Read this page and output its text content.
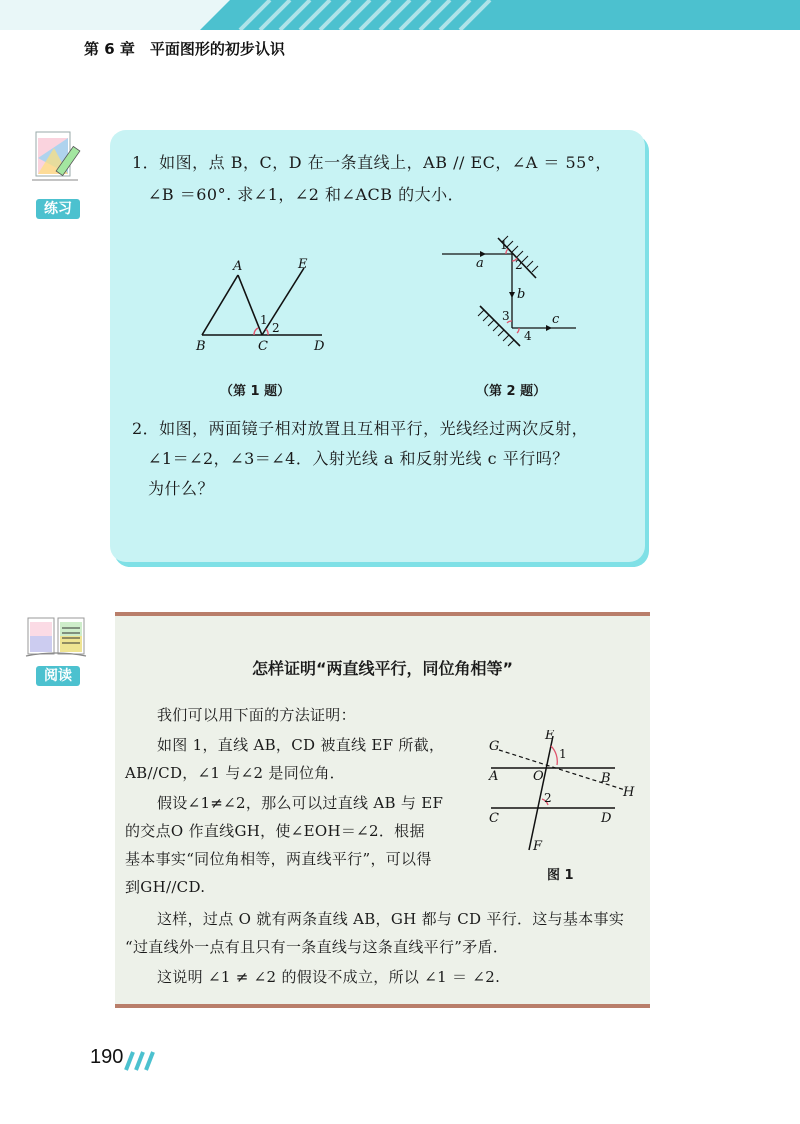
第 6 章　平面图形的初步认识
练习
1．如图，点 B，C，D 在一条直线上，AB // EC，∠A ＝ 55°，
∠B ＝60°. 求∠1，∠2 和∠ACB 的大小．
A	E
B	C	D
1
2
a
b
c
1
2
3
4
（第 1 题）	（第 2 题）
2．如图，两面镜子相对放置且互相平行，光线经过两次反射，
∠1＝∠2，∠3＝∠4．入射光线 a 和反射光线 c 平行吗？
为什么？
阅读	怎样证明“两直线平行，同位角相等”
我们可以用下面的方法证明：
如图 1，直线 AB，CD 被直线 EF 所截，
AB//CD，∠1 与∠2 是同位角．
假设∠1≠∠2，那么可以过直线 AB 与 EF
的交点O 作直线GH，使∠EOH＝∠2．根据
基本事实“同位角相等，两直线平行”，可以得
到GH//CD.
这样，过点 O 就有两条直线 AB，GH 都与 CD 平行．这与基本事实
“过直线外一点有且只有一条直线与这条直线平行”矛盾．
这说明 ∠1 ≠ ∠2 的假设不成立，所以 ∠1 ＝ ∠2.
E
G	1
A	O	B
H
2
C	D
F
图 1
190
